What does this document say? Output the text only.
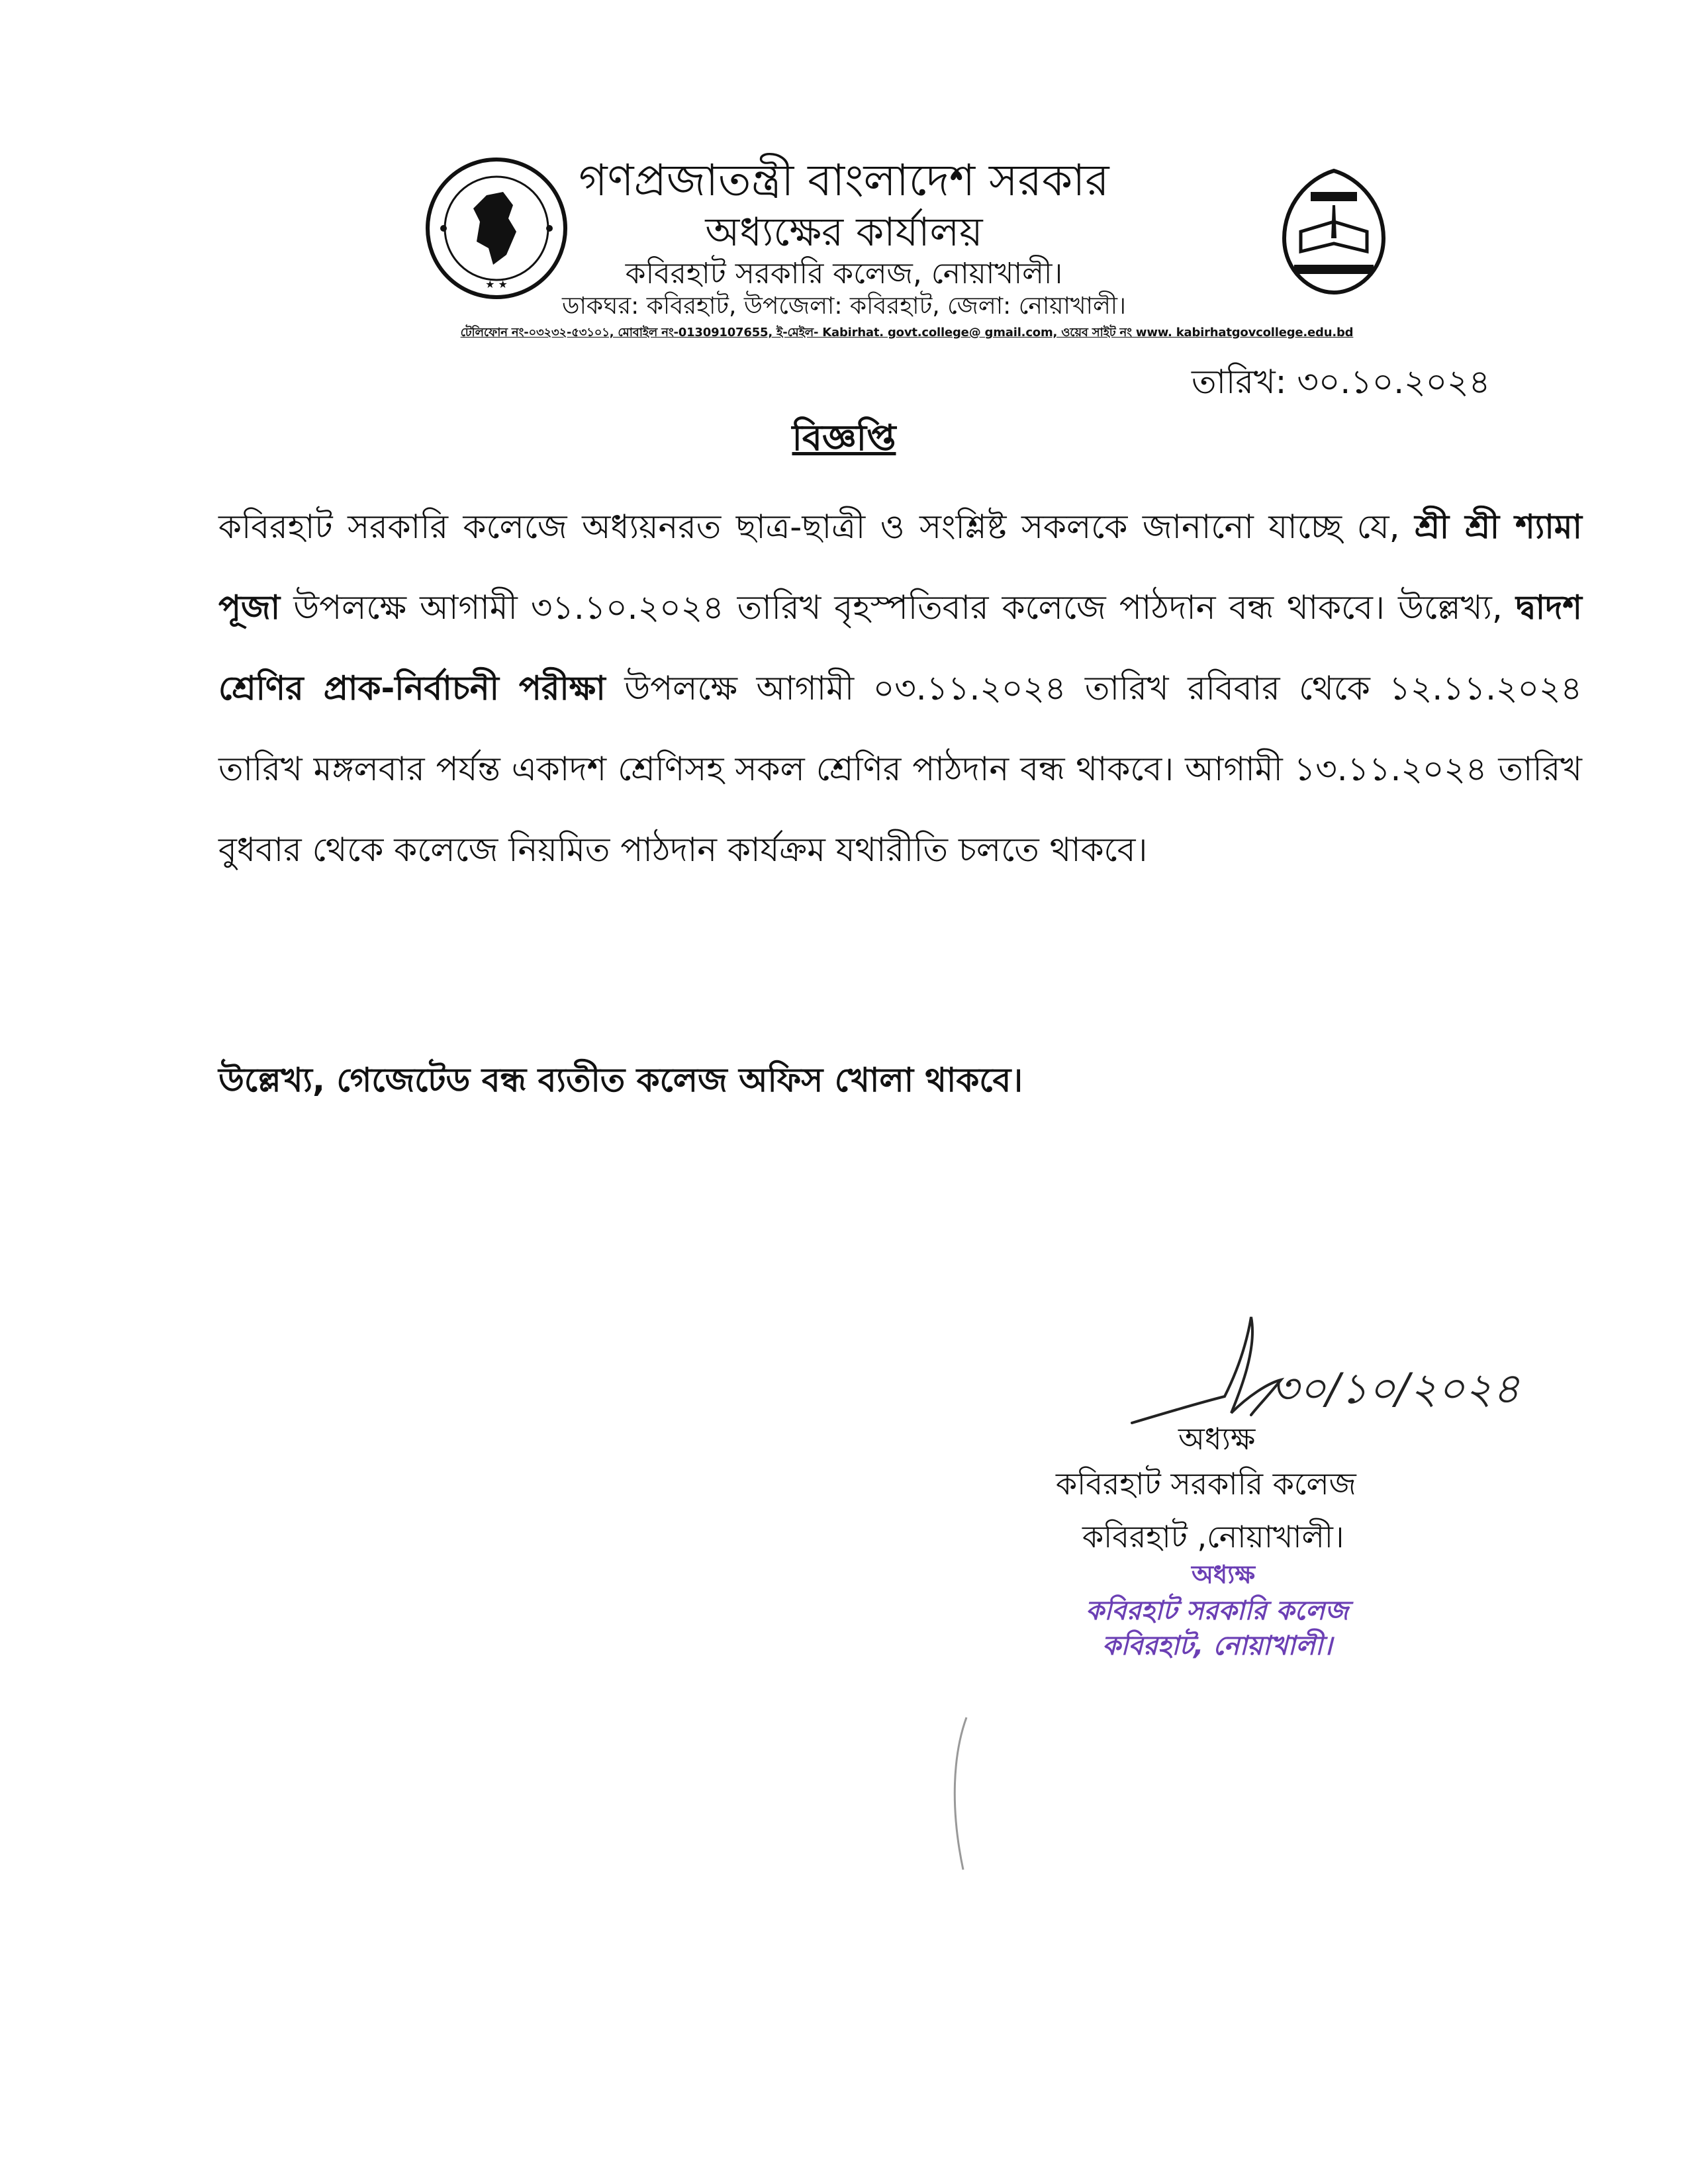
★ ★
গণপ্রজাতন্ত্রী বাংলাদেশ সরকার
অধ্যক্ষের কার্যালয়
কবিরহাট সরকারি কলেজ, নোয়াখালী।
ডাকঘর: কবিরহাট, উপজেলা: কবিরহাট, জেলা: নোয়াখালী।
টেলিফোন নং-০৩২৩২-৫৩১০১, মোবাইল নং-01309107655, ই-মেইল- Kabirhat. govt.college@ gmail.com, ওয়েব সাইট নং www. kabirhatgovcollege.edu.bd
তারিখ: ৩০.১০.২০২৪
বিজ্ঞপ্তি
কবিরহাট সরকারি কলেজে অধ্যয়নরত ছাত্র-ছাত্রী ও সংশ্লিষ্ট সকলকে জানানো যাচ্ছে যে, শ্রী শ্রী শ্যামা পূজা উপলক্ষে আগামী ৩১.১০.২০২৪ তারিখ বৃহস্পতিবার কলেজে পাঠদান বন্ধ থাকবে। উল্লেখ্য, দ্বাদশ শ্রেণির প্রাক-নির্বাচনী পরীক্ষা উপলক্ষে আগামী ০৩.১১.২০২৪ তারিখ রবিবার থেকে ১২.১১.২০২৪ তারিখ মঙ্গলবার পর্যন্ত একাদশ শ্রেণিসহ সকল শ্রেণির পাঠদান বন্ধ থাকবে। আগামী ১৩.১১.২০২৪ তারিখ বুধবার থেকে কলেজে নিয়মিত পাঠদান কার্যক্রম যথারীতি চলতে থাকবে।
উল্লেখ্য, গেজেটেড বন্ধ ব্যতীত কলেজ অফিস খোলা থাকবে।
৩০/১০/২০২৪
অধ্যক্ষ
কবিরহাট সরকারি কলেজ
কবিরহাট ,নোয়াখালী।
অধ্যক্ষ
কবিরহাট সরকারি কলেজ
কবিরহাট, নোয়াখালী।
